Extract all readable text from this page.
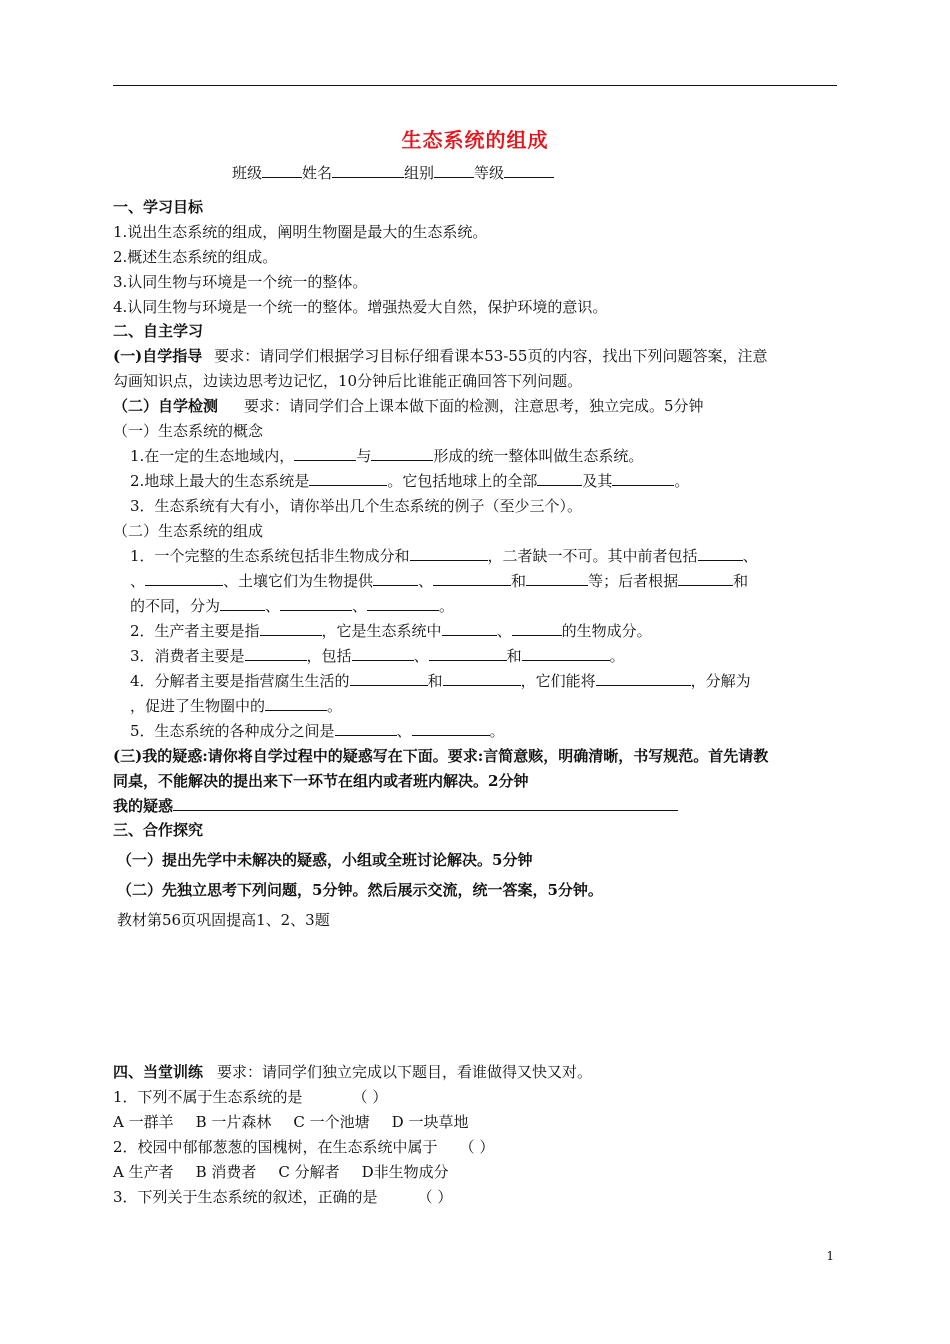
生态系统的组成
班级	姓名	组别	等级
一、学习目标
1.说出生态系统的组成，阐明生物圈是最大的生态系统。
2.概述生态系统的组成。
3.认同生物与环境是一个统一的整体。
4.认同生物与环境是一个统一的整体。增强热爱大自然，保护环境的意识。
二、自主学习
(一)自学指导 要求：请同学们根据学习目标仔细看课本53-55页的内容，找出下列问题答案，注意
勾画知识点，边读边思考边记忆，10分钟后比谁能正确回答下列问题。
（二）自学检测 要求：请同学们合上课本做下面的检测，注意思考，独立完成。5分钟
（一）生态系统的概念
1.在一定的生态地域内，	与	形成的统一整体叫做生态系统。
2.地球上最大的生态系统是	。它包括地球上的全部	及其	。
3．生态系统有大有小，请你举出几个生态系统的例子（至少三个）。
（二）生态系统的组成
1．一个完整的生态系统包括非生物成分和	，二者缺一不可。其中前者包括	、
、	、土壤它们为生物提供	、	和	等；后者根据	和
的不同，分为	、	、	。
2．生产者主要是指	，它是生态系统中	、	的生物成分。
3．消费者主要是	，包括	、	和	。
4．分解者主要是指营腐生生活的	和	，它们能将	，分解为
，促进了生物圈中的	。
5．生态系统的各种成分之间是	、	。
(三)我的疑惑:请你将自学过程中的疑惑写在下面。要求:言简意赅，明确清晰，书写规范。首先请教
同桌，不能解决的提出来下一环节在组内或者班内解决。2分钟
我的疑惑
三、合作探究
（一）提出先学中未解决的疑惑，小组或全班讨论解决。5分钟
（二）先独立思考下列问题，5分钟。然后展示交流，统一答案，5分钟。
教材第56页巩固提高1、2、3题
四、当堂训练 要求：请同学们独立完成以下题目，看谁做得又快又对。
1．下列不属于生态系统的是	（ ）
A 一群羊 B 一片森林 C 一个池塘 D 一块草地
2．校园中郁郁葱葱的国槐树，在生态系统中属于 （ ）
A 生产者 B 消费者 C 分解者 D非生物成分
3．下列关于生态系统的叙述，正确的是	（ ）
1
